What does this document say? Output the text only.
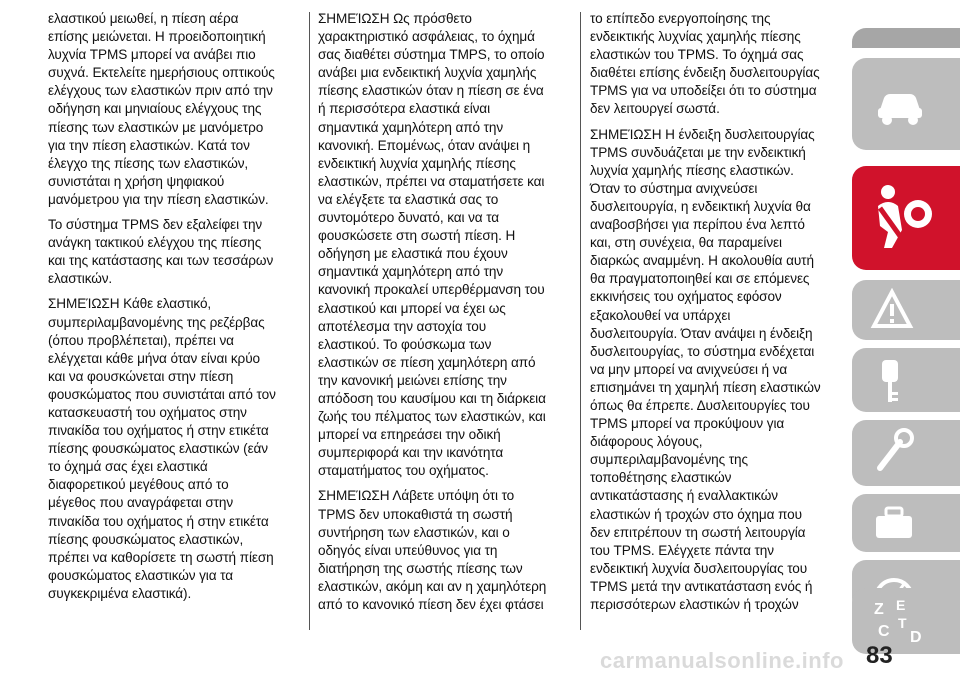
ελαστικού μειωθεί, η πίεση αέρα
επίσης μειώνεται. Η προειδοποιητική
λυχνία TPMS μπορεί να ανάβει πιο
συχνά. Εκτελείτε ημερήσιους οπτικούς
ελέγχους των ελαστικών πριν από την
οδήγηση και μηνιαίους ελέγχους της
πίεσης των ελαστικών με μανόμετρο
για την πίεση ελαστικών. Κατά τον
έλεγχο της πίεσης των ελαστικών,
συνιστάται η χρήση ψηφιακού
μανόμετρου για την πίεση ελαστικών.

Το σύστημα TPMS δεν εξαλείφει την
ανάγκη τακτικού ελέγχου της πίεσης
και της κατάστασης και των τεσσάρων
ελαστικών.

ΣΗΜΕΊΩΣΗ Κάθε ελαστικό,
συμπεριλαμβανομένης της ρεζέρβας
(όπου προβλέπεται), πρέπει να
ελέγχεται κάθε μήνα όταν είναι κρύο
και να φουσκώνεται στην πίεση
φουσκώματος που συνιστάται από τον
κατασκευαστή του οχήματος στην
πινακίδα του οχήματος ή στην ετικέτα
πίεσης φουσκώματος ελαστικών (εάν
το όχημά σας έχει ελαστικά
διαφορετικού μεγέθους από το
μέγεθος που αναγράφεται στην
πινακίδα του οχήματος ή στην ετικέτα
πίεσης φουσκώματος ελαστικών,
πρέπει να καθορίσετε τη σωστή πίεση
φουσκώματος ελαστικών για τα
συγκεκριμένα ελαστικά).

ΣΗΜΕΊΩΣΗ Ως πρόσθετο
χαρακτηριστικό ασφάλειας, το όχημά
σας διαθέτει σύστημα TMPS, το οποίο
ανάβει μια ενδεικτική λυχνία χαμηλής
πίεσης ελαστικών όταν η πίεση σε ένα
ή περισσότερα ελαστικά είναι
σημαντικά χαμηλότερη από την
κανονική. Επομένως, όταν ανάψει η
ενδεικτική λυχνία χαμηλής πίεσης
ελαστικών, πρέπει να σταματήσετε και
να ελέγξετε τα ελαστικά σας το
συντομότερο δυνατό, και να τα
φουσκώσετε στη σωστή πίεση. Η
οδήγηση με ελαστικά που έχουν
σημαντικά χαμηλότερη από την
κανονική προκαλεί υπερθέρμανση του
ελαστικού και μπορεί να έχει ως
αποτέλεσμα την αστοχία του
ελαστικού. Το φούσκωμα των
ελαστικών σε πίεση χαμηλότερη από
την κανονική μειώνει επίσης την
απόδοση του καυσίμου και τη διάρκεια
ζωής του πέλματος των ελαστικών, και
μπορεί να επηρεάσει την οδική
συμπεριφορά και την ικανότητα
σταματήματος του οχήματος.

ΣΗΜΕΊΩΣΗ Λάβετε υπόψη ότι το
TPMS δεν υποκαθιστά τη σωστή
συντήρηση των ελαστικών, και ο
οδηγός είναι υπεύθυνος για τη
διατήρηση της σωστής πίεσης των
ελαστικών, ακόμη και αν η χαμηλότερη
από το κανονικό πίεση δεν έχει φτάσει

το επίπεδο ενεργοποίησης της
ενδεικτικής λυχνίας χαμηλής πίεσης
ελαστικών του TPMS. Το όχημά σας
διαθέτει επίσης ένδειξη δυσλειτουργίας
TPMS για να υποδείξει ότι το σύστημα
δεν λειτουργεί σωστά.

ΣΗΜΕΊΩΣΗ Η ένδειξη δυσλειτουργίας
TPMS συνδυάζεται με την ενδεικτική
λυχνία χαμηλής πίεσης ελαστικών.
Όταν το σύστημα ανιχνεύσει
δυσλειτουργία, η ενδεικτική λυχνία θα
αναβοσβήσει για περίπου ένα λεπτό
και, στη συνέχεια, θα παραμείνει
διαρκώς αναμμένη. Η ακολουθία αυτή
θα πραγματοποιηθεί και σε επόμενες
εκκινήσεις του οχήματος εφόσον
εξακολουθεί να υπάρχει
δυσλειτουργία. Όταν ανάψει η ένδειξη
δυσλειτουργίας, το σύστημα ενδέχεται
να μην μπορεί να ανιχνεύσει ή να
επισημάνει τη χαμηλή πίεση ελαστικών
όπως θα έπρεπε. Δυσλειτουργίες του
TPMS μπορεί να προκύψουν για
διάφορους λόγους,
συμπεριλαμβανομένης της
τοποθέτησης ελαστικών
αντικατάστασης ή εναλλακτικών
ελαστικών ή τροχών στο όχημα που
δεν επιτρέπουν τη σωστή λειτουργία
του TPMS. Ελέγχετε πάντα την
ενδεικτική λυχνία δυσλειτουργίας του
TPMS μετά την αντικατάσταση ενός ή
περισσότερων ελαστικών ή τροχών	Z E
C T
D
carmanualsonline.info 83
